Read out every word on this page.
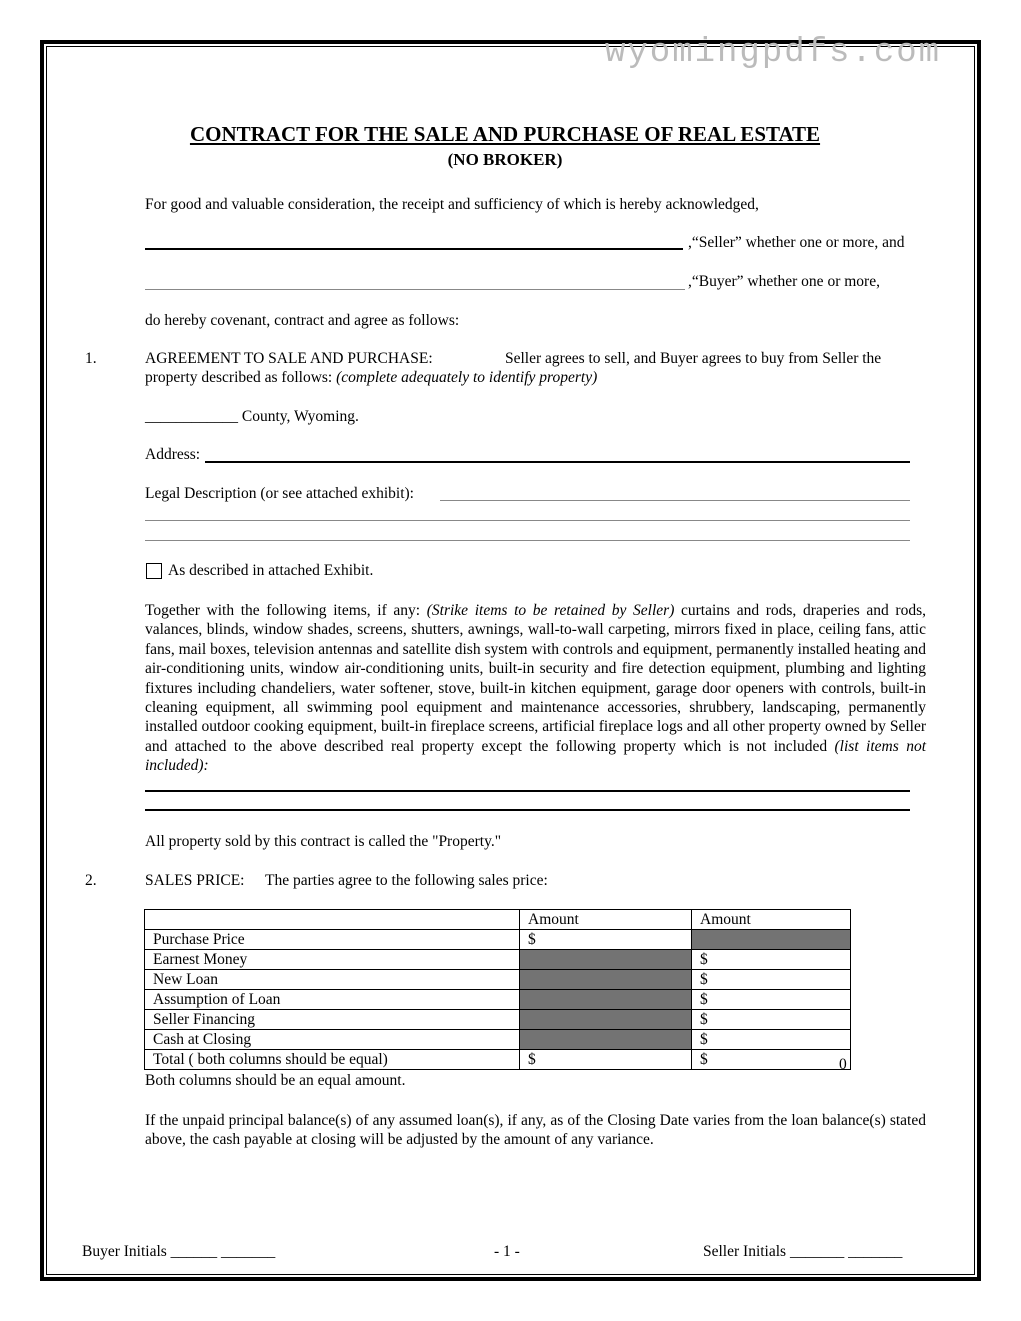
wyomingpdfs.com
CONTRACT FOR THE SALE AND PURCHASE OF REAL ESTATE
(NO BROKER)
For good and valuable consideration, the receipt and sufficiency of which is hereby acknowledged,
,“Seller” whether one or more, and
,“Buyer” whether one or more,
do hereby covenant, contract and agree as follows:
1.	AGREEMENT TO SALE AND PURCHASE:	Seller agrees to sell, and Buyer agrees to buy from Seller the
property described as follows: (complete adequately to identify property)
____________ County, Wyoming.
Address:
Legal Description (or see attached exhibit):
As described in attached Exhibit.
Together with the following items, if any: (Strike items to be retained by Seller) curtains and rods, draperies and rods, valances, blinds, window shades, screens, shutters, awnings, wall-to-wall carpeting, mirrors fixed in place, ceiling fans, attic fans, mail boxes, television antennas and satellite dish system with controls and equipment, permanently installed heating and air-conditioning units, window air-conditioning units, built-in security and fire detection equipment, plumbing and lighting fixtures including chandeliers, water softener, stove, built-in kitchen equipment, garage door openers with controls, built-in cleaning equipment, all swimming pool equipment and maintenance accessories, shrubbery, landscaping, permanently installed outdoor cooking equipment, built-in fireplace screens, artificial fireplace logs and all other property owned by Seller and attached to the above described real property except the following property which is not included (list items not included):
All property sold by this contract is called the "Property."
2.	SALES PRICE: The parties agree to the following sales price:
	Amount	Amount
Purchase Price	$	
Earnest Money		$
New Loan		$
Assumption of Loan		$
Seller Financing		$
Cash at Closing		$
Total ( both columns should be equal)	$	$	0
Both columns should be an equal amount.
If the unpaid principal balance(s) of any assumed loan(s), if any, as of the Closing Date varies from the loan balance(s) stated above, the cash payable at closing will be adjusted by the amount of any variance.
Buyer Initials ______ _______	- 1 -	Seller Initials _______ _______
